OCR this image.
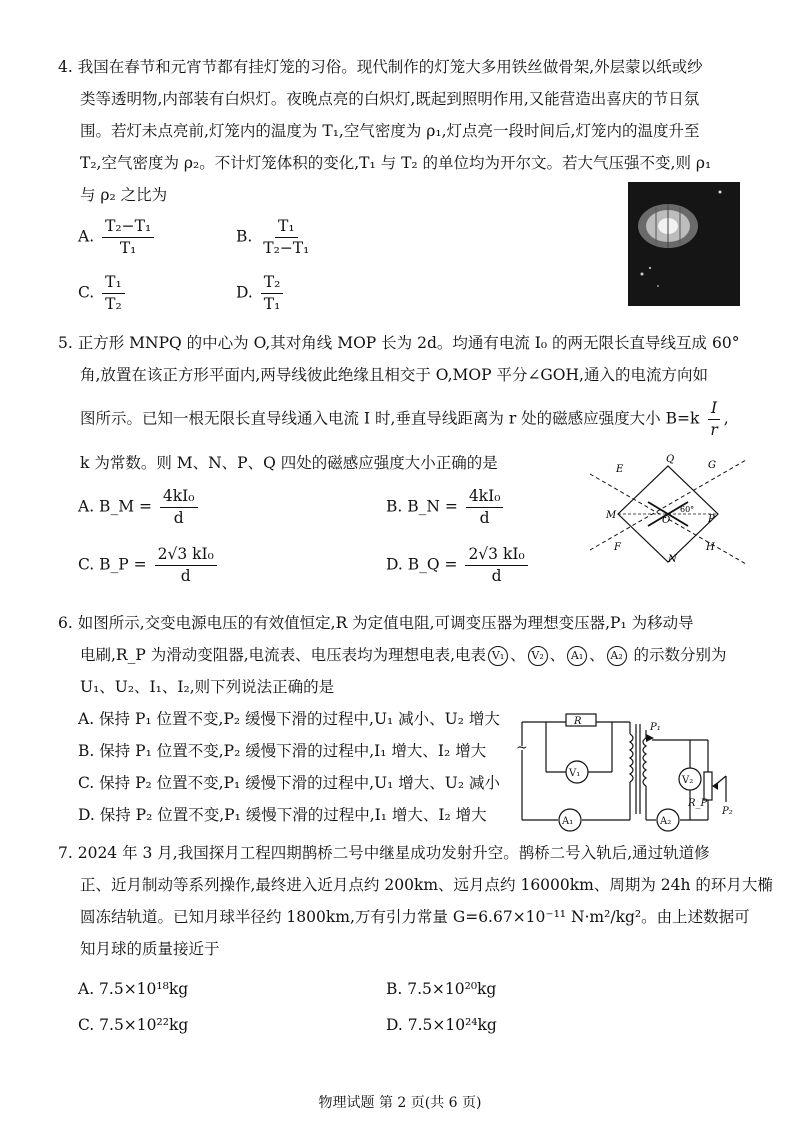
4. 我国在春节和元宵节都有挂灯笼的习俗。现代制作的灯笼大多用铁丝做骨架,外层蒙以纸或纱
类等透明物,内部装有白炽灯。夜晚点亮的白炽灯,既起到照明作用,又能营造出喜庆的节日氛
围。若灯未点亮前,灯笼内的温度为 T₁,空气密度为 ρ₁,灯点亮一段时间后,灯笼内的温度升至
T₂,空气密度为 ρ₂。不计灯笼体积的变化,T₁ 与 T₂ 的单位均为开尔文。若大气压强不变,则 ρ₁
与 ρ₂ 之比为
A. $\frac{\text{T₂−T₁}}{\text{T₁}}$	B. $\frac{\text{T₁}}{\text{T₂−T₁}}$
C. $\frac{\text{T₁}}{\text{T₂}}$	D. $\frac{\text{T₂}}{\text{T₁}}$
5. 正方形 MNPQ 的中心为 O,其对角线 MOP 长为 2d。均通有电流 I₀ 的两无限长直导线互成 60°
角,放置在该正方形平面内,两导线彼此绝缘且相交于 O,MOP 平分∠GOH,通入的电流方向如
图所示。已知一根无限长直导线通入电流 I 时,垂直导线距离为 r 处的磁感应强度大小 $B=k \frac{I}{r}$ ,
k 为常数。则 M、N、P、Q 四处的磁感应强度大小正确的是
A. B_M = $\frac{\text{4kI₀}}{d}$	B. B_N = $\frac{\text{4kI₀}}{d}$
C. B_P = $\frac{\text{2√3 kI₀}}{d}$	D. B_Q = $\frac{\text{2√3 kI₀}}{d}$
E
Q
G
M	O
60°
P
F
N
H
6. 如图所示,交变电源电压的有效值恒定,R 为定值电阻,可调变压器为理想变压器,P₁ 为移动导
电刷,R_P 为滑动变阻器,电流表、电压表均为理想电表,电表 V₁ 、 V₂ 、 A₁ 、 A₂ 的示数分别为
U₁、U₂、I₁、I₂,则下列说法正确的是
A. 保持 P₁ 位置不变,P₂ 缓慢下滑的过程中,U₁ 减小、U₂ 增大
B. 保持 P₁ 位置不变,P₂ 缓慢下滑的过程中,I₁ 增大、I₂ 增大
C. 保持 P₂ 位置不变,P₁ 缓慢下滑的过程中,U₁ 增大、U₂ 减小
D. 保持 P₂ 位置不变,P₁ 缓慢下滑的过程中,I₁ 增大、I₂ 增大
R
V₁
A₁
V₂
A₂
P₁
P₂
R_P
~
7. 2024 年 3 月,我国探月工程四期鹊桥二号中继星成功发射升空。鹊桥二号入轨后,通过轨道修
正、近月制动等系列操作,最终进入近月点约 200km、远月点约 16000km、周期为 24h 的环月大椭
圆冻结轨道。已知月球半径约 1800km,万有引力常量 G=6.67×10⁻¹¹ N·m²/kg²。由上述数据可
知月球的质量接近于
A. 7.5×10¹⁸kg	B. 7.5×10²⁰kg
C. 7.5×10²²kg	D. 7.5×10²⁴kg
物理试题 第 2 页(共 6 页)
